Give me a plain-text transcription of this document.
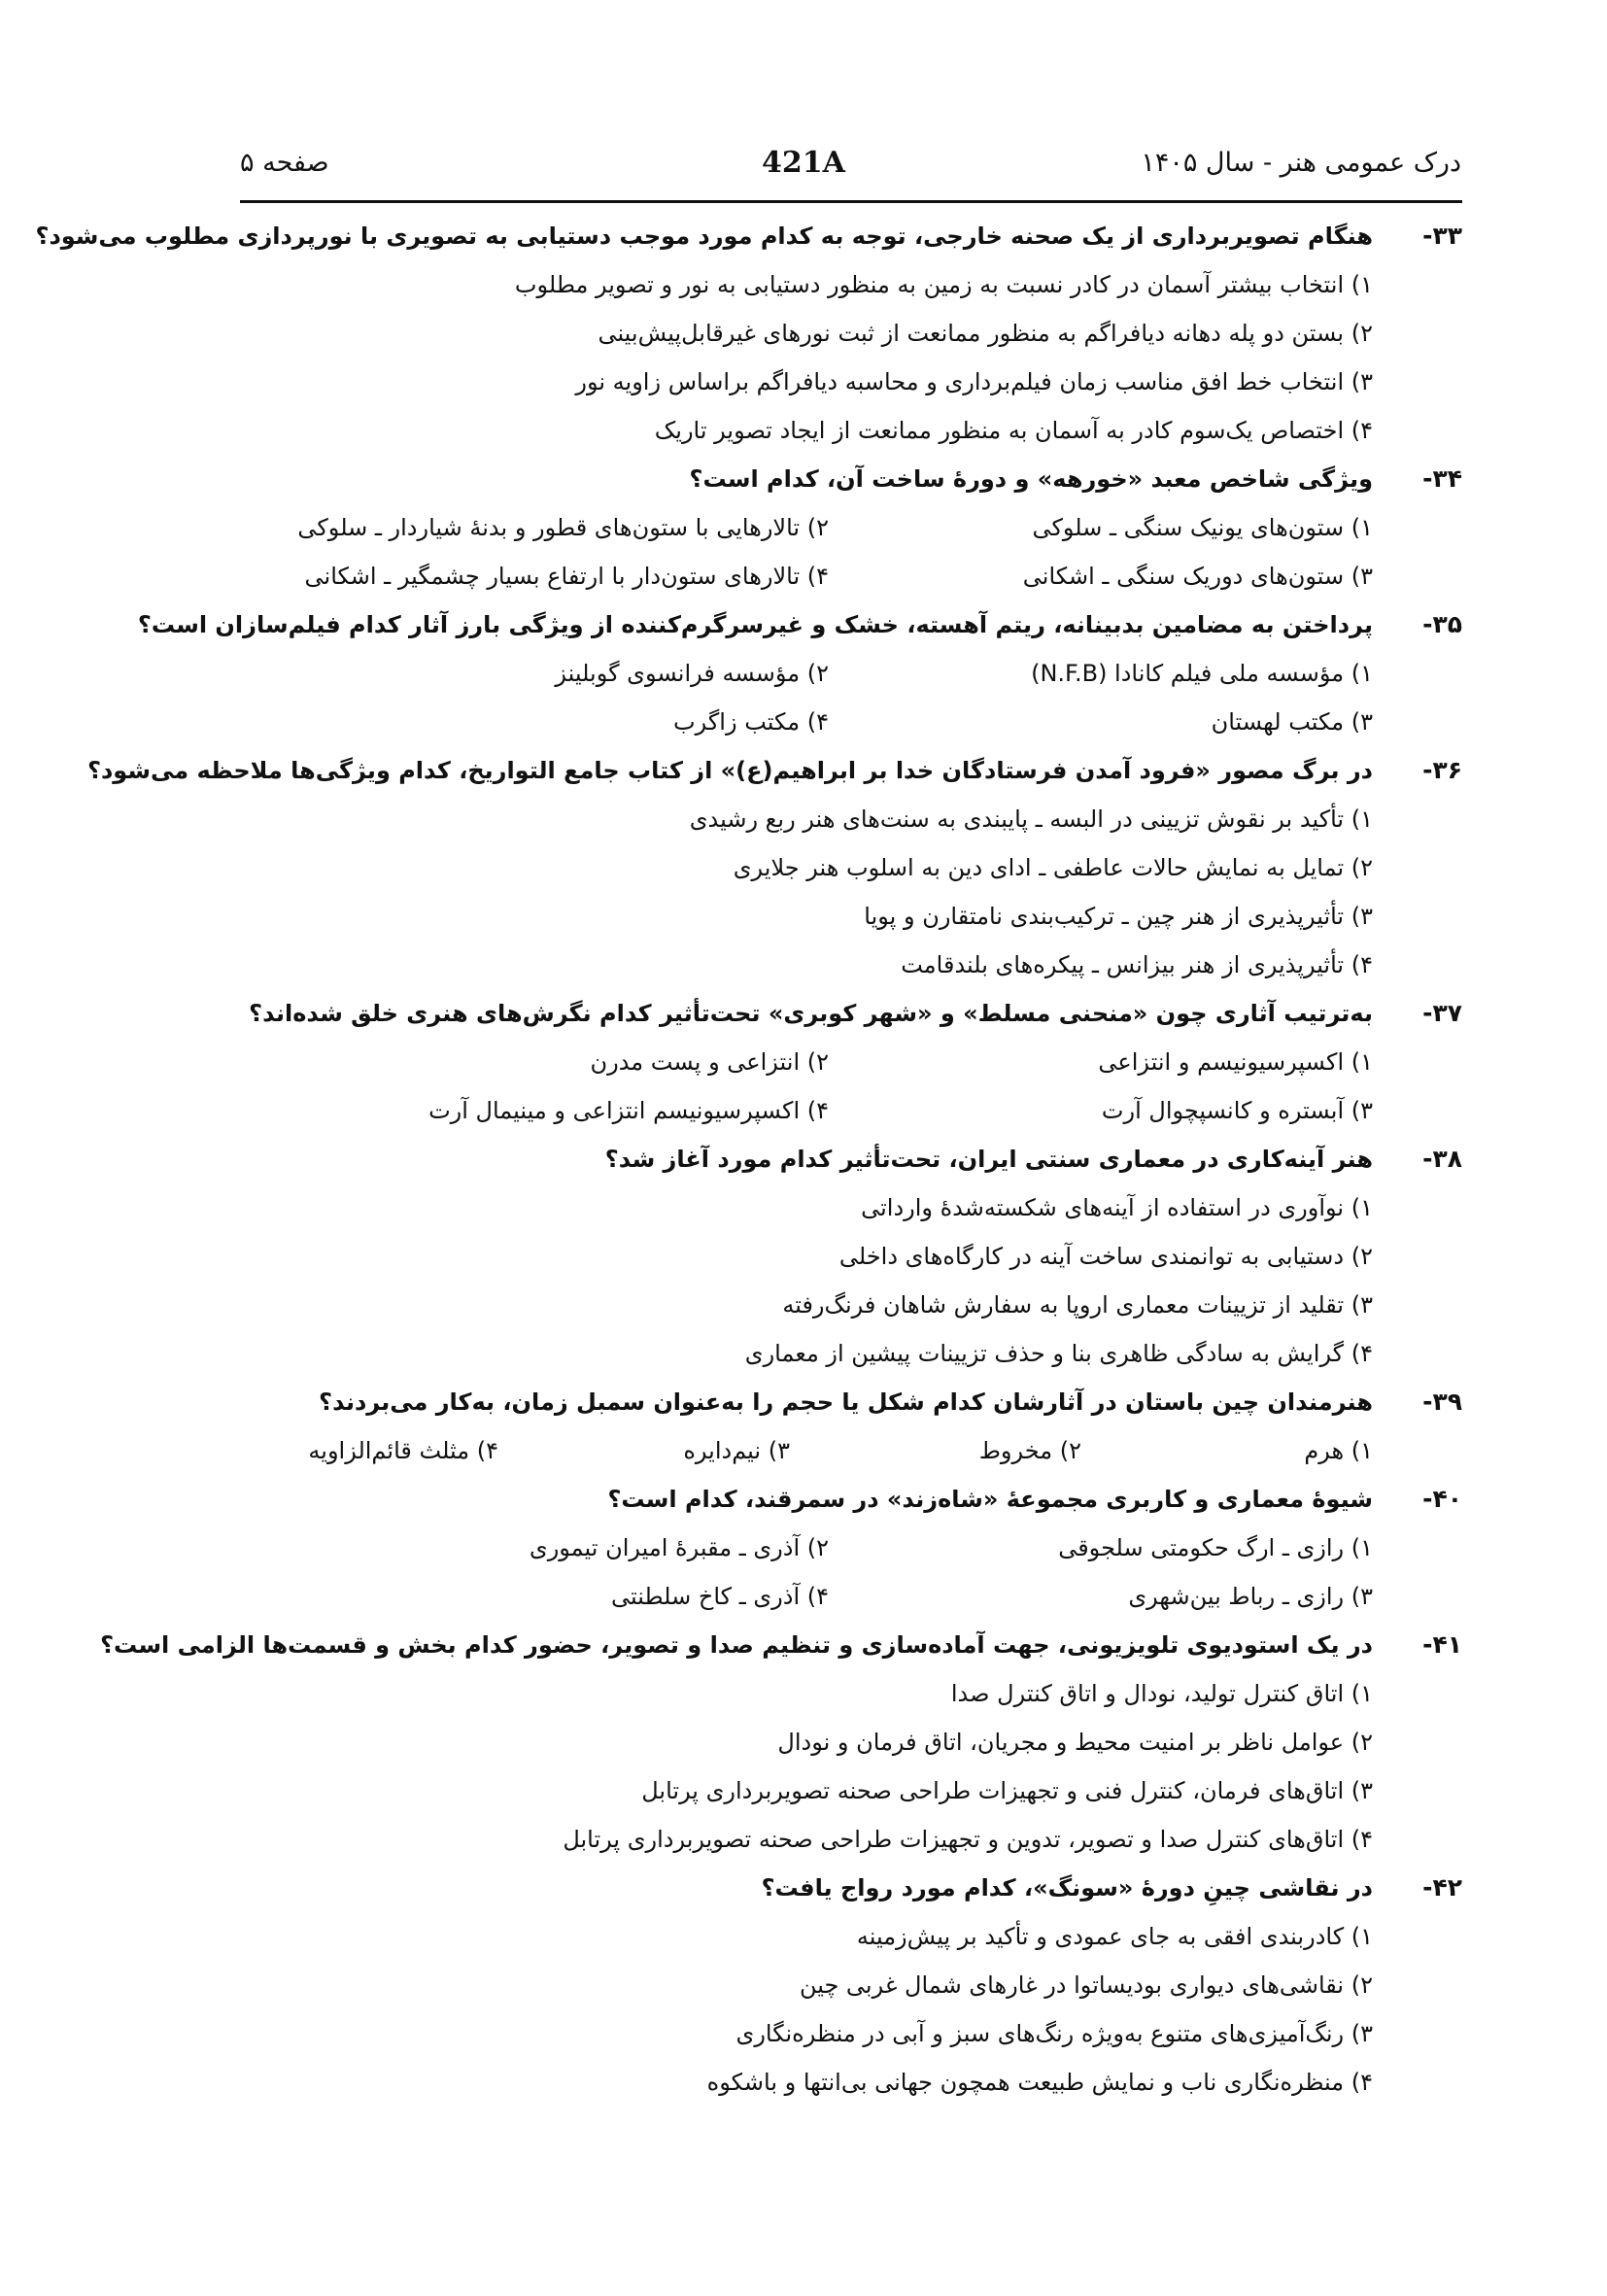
درک عمومی هنر - سال ۱۴۰۵
421A
صفحه ۵
۳۳-
هنگام تصویربرداری از یک صحنه خارجی، توجه به کدام مورد موجب دستیابی به تصویری با نورپردازی مطلوب می‌شود؟
۱) انتخاب بیشتر آسمان در کادر نسبت به زمین به منظور دستیابی به نور و تصویر مطلوب
۲) بستن دو پله دهانه دیافراگم به منظور ممانعت از ثبت نورهای غیرقابل‌پیش‌بینی
۳) انتخاب خط افق مناسب زمان فیلم‌برداری و محاسبه دیافراگم براساس زاویه نور
۴) اختصاص یک‌سوم کادر به آسمان به منظور ممانعت از ایجاد تصویر تاریک
۳۴-
ویژگی شاخص معبد «خورهه» و دورهٔ ساخت آن، کدام است؟
۱) ستون‌های یونیک سنگی ـ سلوکی
۲) تالارهایی با ستون‌های قطور و بدنهٔ شیاردار ـ سلوکی
۳) ستون‌های دوریک سنگی ـ اشکانی
۴) تالارهای ستون‌دار با ارتفاع بسیار چشمگیر ـ اشکانی
۳۵-
پرداختن به مضامین بدبینانه، ریتم آهسته، خشک و غیرسرگرم‌کننده از ویژگی بارز آثار کدام فیلم‌سازان است؟
۱) مؤسسه ملی فیلم کانادا (N.F.B)
۲) مؤسسه فرانسوی گوبلینز
۳) مکتب لهستان
۴) مکتب زاگرب
۳۶-
در برگ مصور «فرود آمدن فرستادگان خدا بر ابراهیم(ع)» از کتاب جامع التواریخ، کدام ویژگی‌ها ملاحظه می‌شود؟
۱) تأکید بر نقوش تزیینی در البسه ـ پایبندی به سنت‌های هنر ربع رشیدی
۲) تمایل به نمایش حالات عاطفی ـ ادای دین به اسلوب هنر جلایری
۳) تأثیرپذیری از هنر چین ـ ترکیب‌بندی نامتقارن و پویا
۴) تأثیرپذیری از هنر بیزانس ـ پیکره‌های بلندقامت
۳۷-
به‌ترتیب آثاری چون «منحنی مسلط» و «شهر کوبری» تحت‌تأثیر کدام نگرش‌های هنری خلق شده‌اند؟
۱) اکسپرسیونیسم و انتزاعی
۲) انتزاعی و پست مدرن
۳) آبستره و کانسپچوال آرت
۴) اکسپرسیونیسم انتزاعی و مینیمال آرت
۳۸-
هنر آینه‌کاری در معماری سنتی ایران، تحت‌تأثیر کدام مورد آغاز شد؟
۱) نوآوری در استفاده از آینه‌های شکسته‌شدهٔ وارداتی
۲) دستیابی به توانمندی ساخت آینه در کارگاه‌های داخلی
۳) تقلید از تزیینات معماری اروپا به سفارش شاهان فرنگ‌رفته
۴) گرایش به سادگی ظاهری بنا و حذف تزیینات پیشین از معماری
۳۹-
هنرمندان چین باستان در آثارشان کدام شکل یا حجم را به‌عنوان سمبل زمان، به‌کار می‌بردند؟
۱) هرم
۲) مخروط
۳) نیم‌دایره
۴) مثلث قائم‌الزاویه
۴۰-
شیوهٔ معماری و کاربری مجموعهٔ «شاه‌زند» در سمرقند، کدام است؟
۱) رازی ـ ارگ حکومتی سلجوقی
۲) آذری ـ مقبرهٔ امیران تیموری
۳) رازی ـ رباط بین‌شهری
۴) آذری ـ کاخ سلطنتی
۴۱-
در یک استودیوی تلویزیونی، جهت آماده‌سازی و تنظیم صدا و تصویر، حضور کدام بخش و قسمت‌ها الزامی است؟
۱) اتاق کنترل تولید، نودال و اتاق کنترل صدا
۲) عوامل ناظر بر امنیت محیط و مجریان، اتاق فرمان و نودال
۳) اتاق‌های فرمان، کنترل فنی و تجهیزات طراحی صحنه تصویربرداری پرتابل
۴) اتاق‌های کنترل صدا و تصویر، تدوین و تجهیزات طراحی صحنه تصویربرداری پرتابل
۴۲-
در نقاشی چینِ دورهٔ «سونگ»، کدام مورد رواج یافت؟
۱) کادربندی افقی به جای عمودی و تأکید بر پیش‌زمینه
۲) نقاشی‌های دیواری بودیساتوا در غارهای شمال غربی چین
۳) رنگ‌آمیزی‌های متنوع به‌ویژه رنگ‌های سبز و آبی در منظره‌نگاری
۴) منظره‌نگاری ناب و نمایش طبیعت همچون جهانی بی‌انتها و باشکوه
